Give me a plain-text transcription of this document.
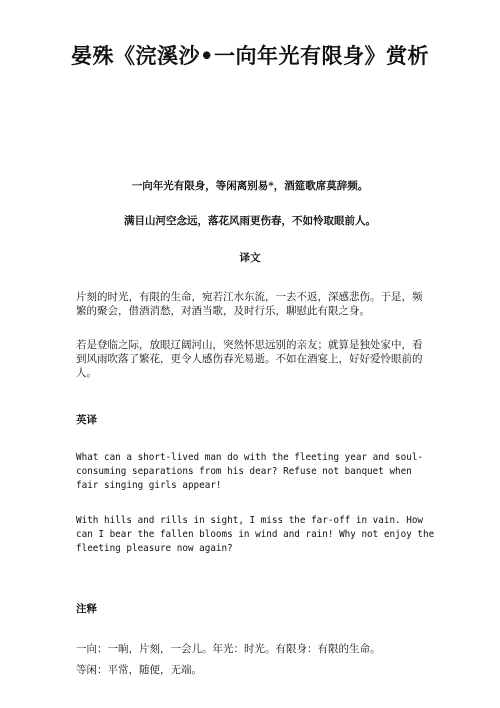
晏殊《浣溪沙•一向年光有限身》赏析
一向年光有限身，等闲离别易*，酒筵歌席莫辞频。
满目山河空念远，落花风雨更伤春，不如怜取眼前人。
译文
片刻的时光，有限的生命，宛若江水东流，一去不返，深感悲伤。于是，频繁的聚会，借酒消愁，对酒当歌，及时行乐，聊慰此有限之身。
若是登临之际，放眼辽阔河山，突然怀思远别的亲友；就算是独处家中，看到风雨吹落了繁花，更令人感伤春光易逝。不如在酒宴上，好好爱怜眼前的人。
英译
What can a short-lived man do with the fleeting year and soul-consuming separations from his dear? Refuse not banquet when fair singing girls appear!
With hills and rills in sight, I miss the far-off in vain. How can I bear the fallen blooms in wind and rain! Why not enjoy the fleeting pleasure now again?
注释
一向：一晌，片刻，一会儿。年光：时光。有限身：有限的生命。
等闲：平常，随便，无端。
